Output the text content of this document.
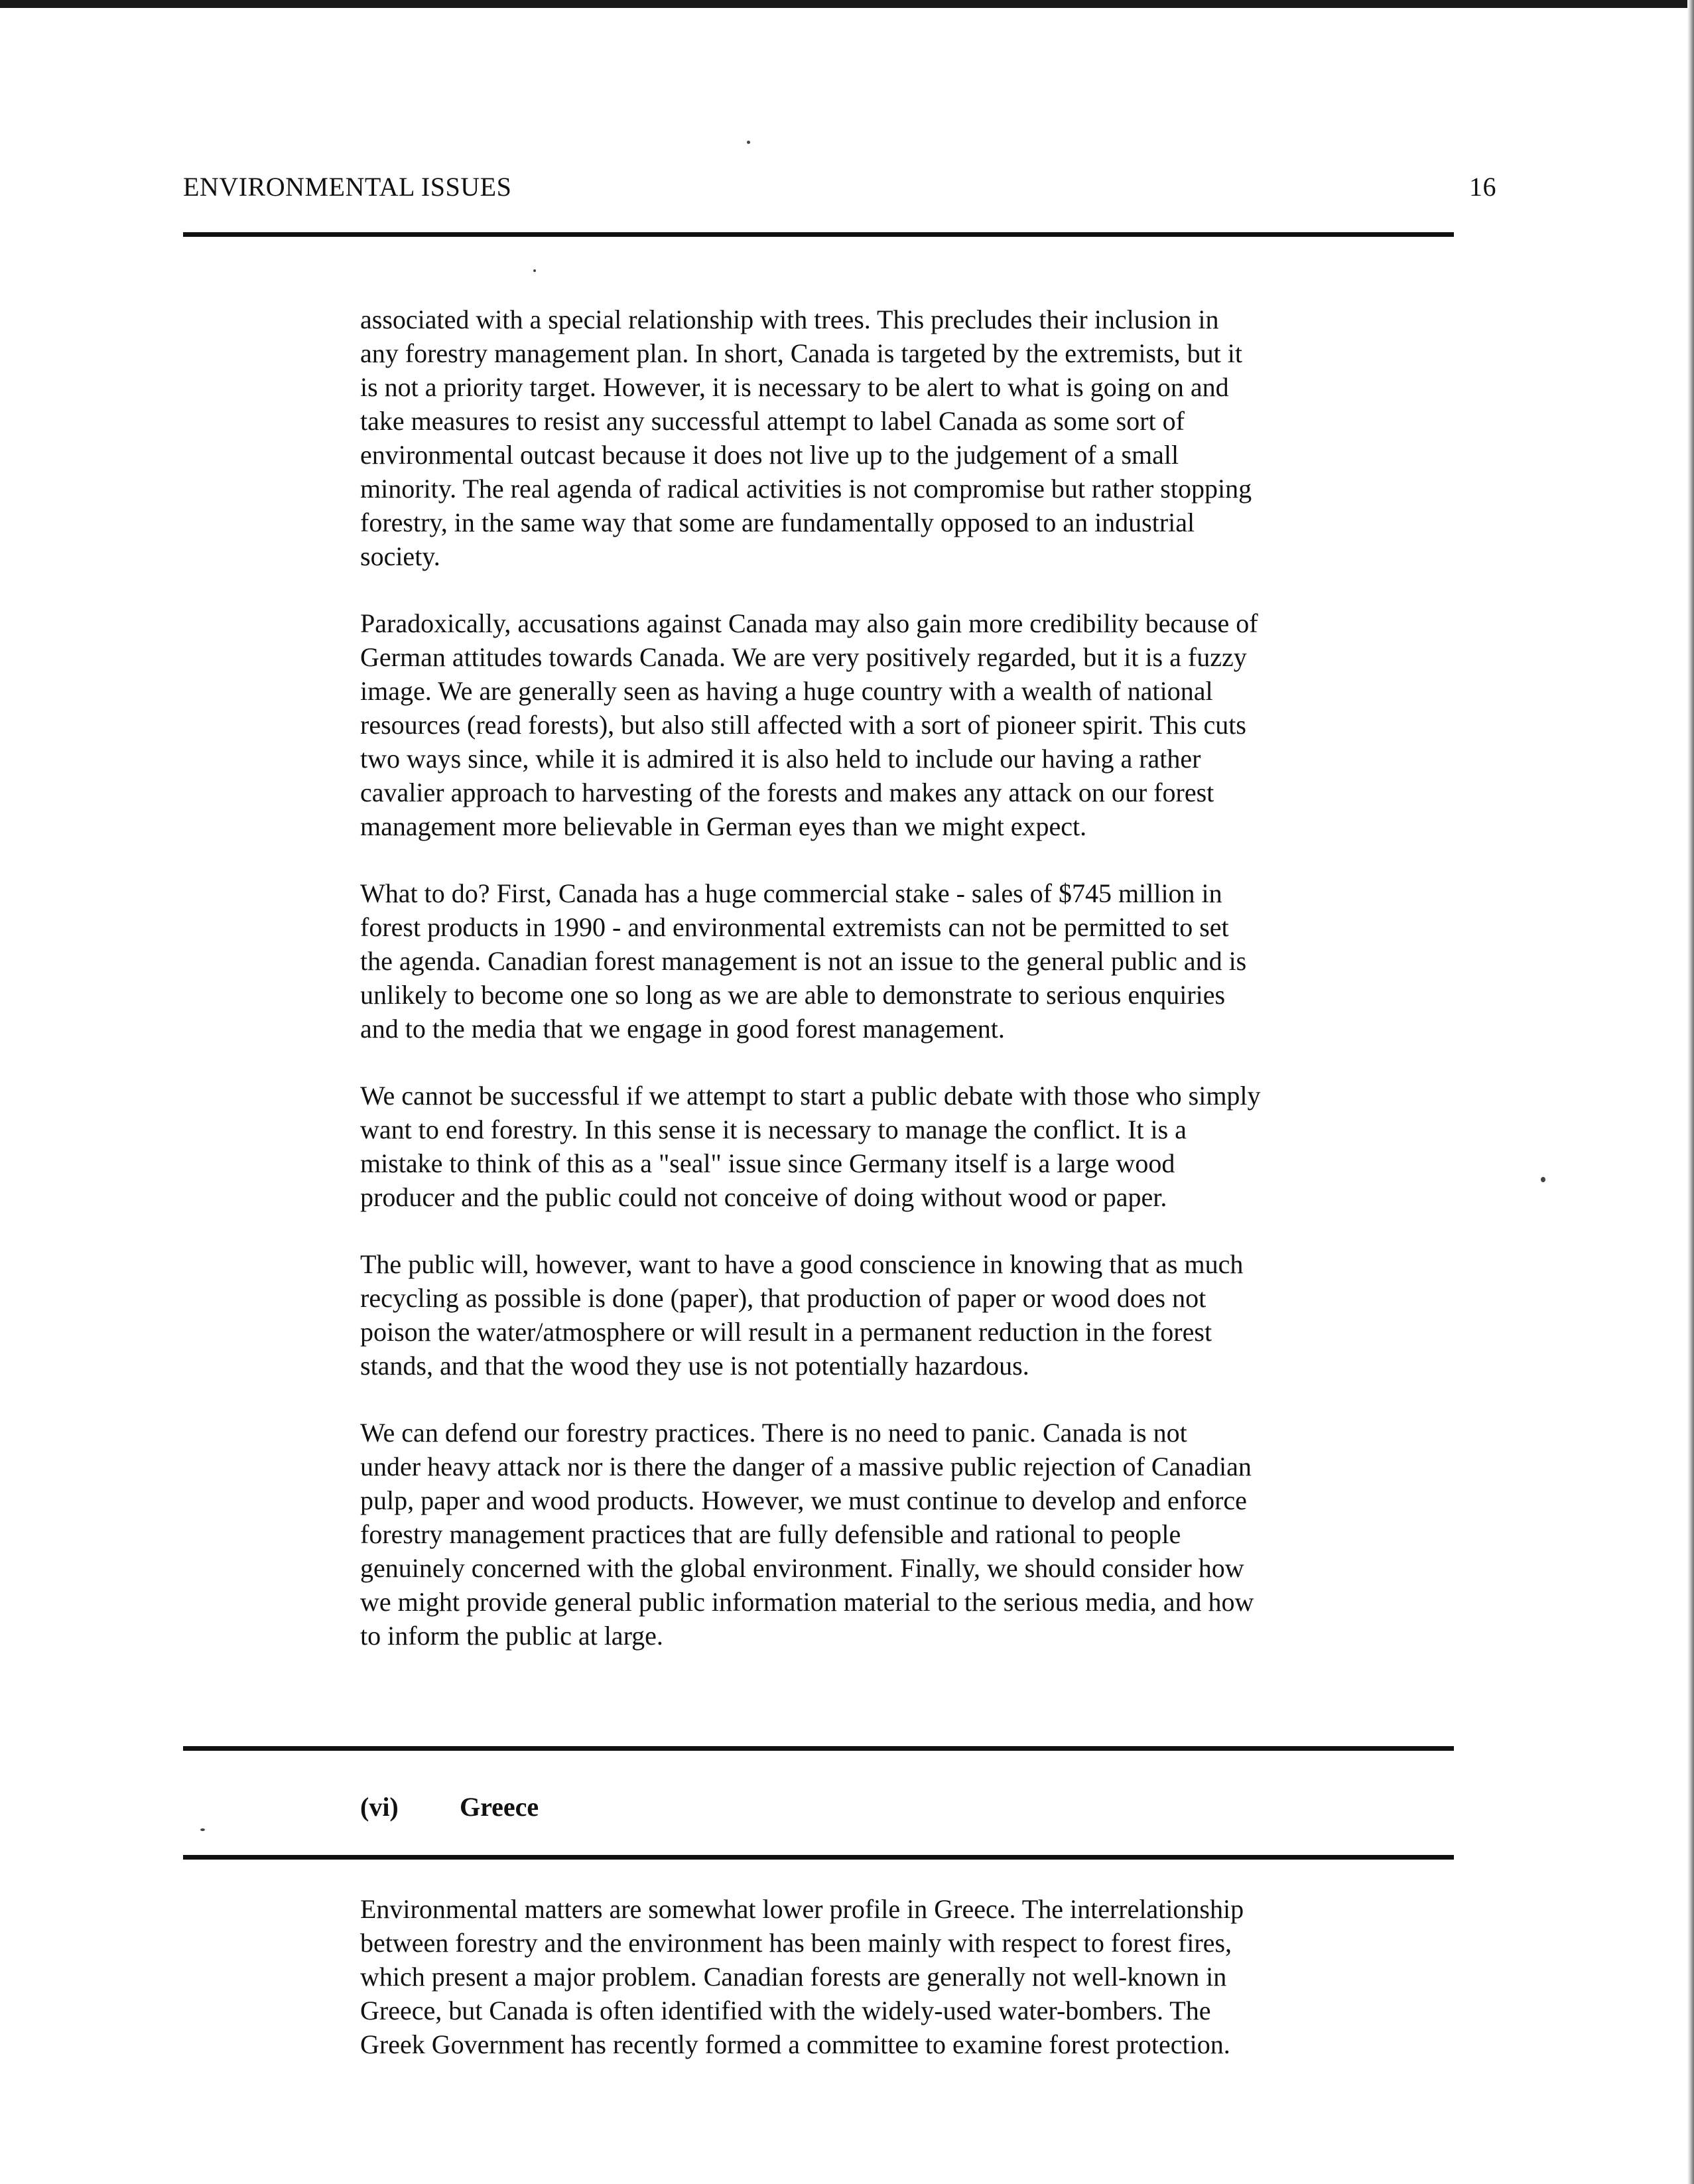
ENVIRONMENTAL ISSUES	16

associated with a special relationship with trees. This precludes their inclusion in
any forestry management plan. In short, Canada is targeted by the extremists, but it
is not a priority target. However, it is necessary to be alert to what is going on and
take measures to resist any successful attempt to label Canada as some sort of
environmental outcast because it does not live up to the judgement of a small
minority. The real agenda of radical activities is not compromise but rather stopping
forestry, in the same way that some are fundamentally opposed to an industrial
society.

Paradoxically, accusations against Canada may also gain more credibility because of
German attitudes towards Canada. We are very positively regarded, but it is a fuzzy
image. We are generally seen as having a huge country with a wealth of national
resources (read forests), but also still affected with a sort of pioneer spirit. This cuts
two ways since, while it is admired it is also held to include our having a rather
cavalier approach to harvesting of the forests and makes any attack on our forest
management more believable in German eyes than we might expect.

What to do? First, Canada has a huge commercial stake - sales of $745 million in
forest products in 1990 - and environmental extremists can not be permitted to set
the agenda. Canadian forest management is not an issue to the general public and is
unlikely to become one so long as we are able to demonstrate to serious enquiries
and to the media that we engage in good forest management.

We cannot be successful if we attempt to start a public debate with those who simply
want to end forestry. In this sense it is necessary to manage the conflict. It is a
mistake to think of this as a "seal" issue since Germany itself is a large wood
producer and the public could not conceive of doing without wood or paper.

The public will, however, want to have a good conscience in knowing that as much
recycling as possible is done (paper), that production of paper or wood does not
poison the water/atmosphere or will result in a permanent reduction in the forest
stands, and that the wood they use is not potentially hazardous.

We can defend our forestry practices. There is no need to panic. Canada is not
under heavy attack nor is there the danger of a massive public rejection of Canadian
pulp, paper and wood products. However, we must continue to develop and enforce
forestry management practices that are fully defensible and rational to people
genuinely concerned with the global environment. Finally, we should consider how
we might provide general public information material to the serious media, and how
to inform the public at large.

(vi) Greece

Environmental matters are somewhat lower profile in Greece. The interrelationship
between forestry and the environment has been mainly with respect to forest fires,
which present a major problem. Canadian forests are generally not well-known in
Greece, but Canada is often identified with the widely-used water-bombers. The
Greek Government has recently formed a committee to examine forest protection.
